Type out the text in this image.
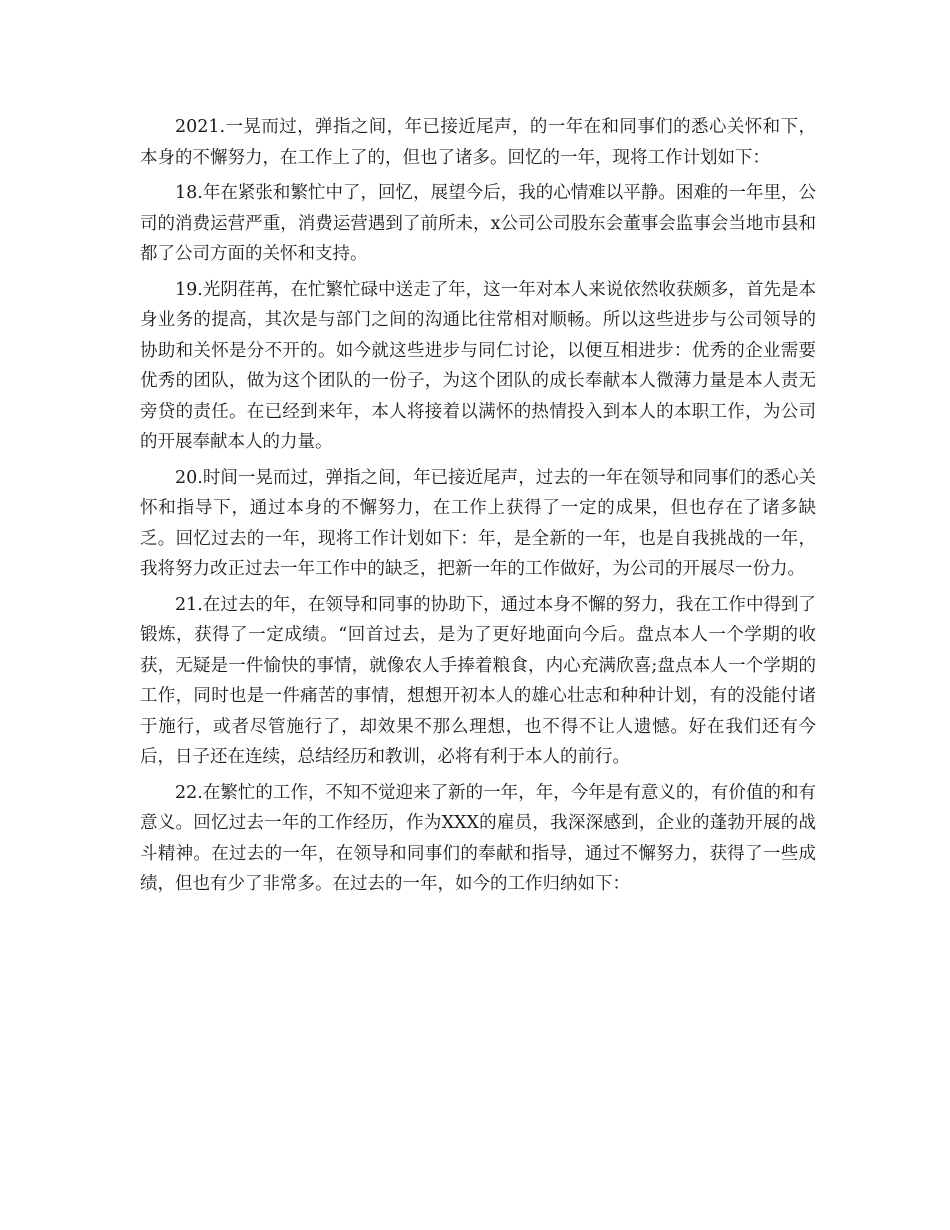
2021.一晃而过，弹指之间，年已接近尾声，的一年在和同事们的悉心关怀和下，本身的不懈努力，在工作上了的，但也了诸多。回忆的一年，现将工作计划如下：

18.年在紧张和繁忙中了，回忆，展望今后，我的心情难以平静。困难的一年里，公司的消费运营严重，消费运营遇到了前所未，x公司公司股东会董事会监事会当地市县和都了公司方面的关怀和支持。

19.光阴荏苒，在忙繁忙碌中送走了年，这一年对本人来说依然收获颇多，首先是本身业务的提高，其次是与部门之间的沟通比往常相对顺畅。所以这些进步与公司领导的协助和关怀是分不开的。如今就这些进步与同仁讨论，以便互相进步：优秀的企业需要优秀的团队，做为这个团队的一份子，为这个团队的成长奉献本人微薄力量是本人责无旁贷的责任。在已经到来年，本人将接着以满怀的热情投入到本人的本职工作，为公司的开展奉献本人的力量。

20.时间一晃而过，弹指之间，年已接近尾声，过去的一年在领导和同事们的悉心关怀和指导下，通过本身的不懈努力，在工作上获得了一定的成果，但也存在了诸多缺乏。回忆过去的一年，现将工作计划如下：年，是全新的一年，也是自我挑战的一年，我将努力改正过去一年工作中的缺乏，把新一年的工作做好，为公司的开展尽一份力。

21.在过去的年，在领导和同事的协助下，通过本身不懈的努力，我在工作中得到了锻炼，获得了一定成绩。“回首过去，是为了更好地面向今后。盘点本人一个学期的收获，无疑是一件愉快的事情，就像农人手捧着粮食，内心充满欣喜;盘点本人一个学期的工作，同时也是一件痛苦的事情，想想开初本人的雄心壮志和种种计划，有的没能付诸于施行，或者尽管施行了，却效果不那么理想，也不得不让人遗憾。好在我们还有今后，日子还在连续，总结经历和教训，必将有利于本人的前行。

22.在繁忙的工作，不知不觉迎来了新的一年，年，今年是有意义的，有价值的和有意义。回忆过去一年的工作经历，作为XXX的雇员，我深深感到，企业的蓬勃开展的战斗精神。在过去的一年，在领导和同事们的奉献和指导，通过不懈努力，获得了一些成绩，但也有少了非常多。在过去的一年，如今的工作归纳如下：
